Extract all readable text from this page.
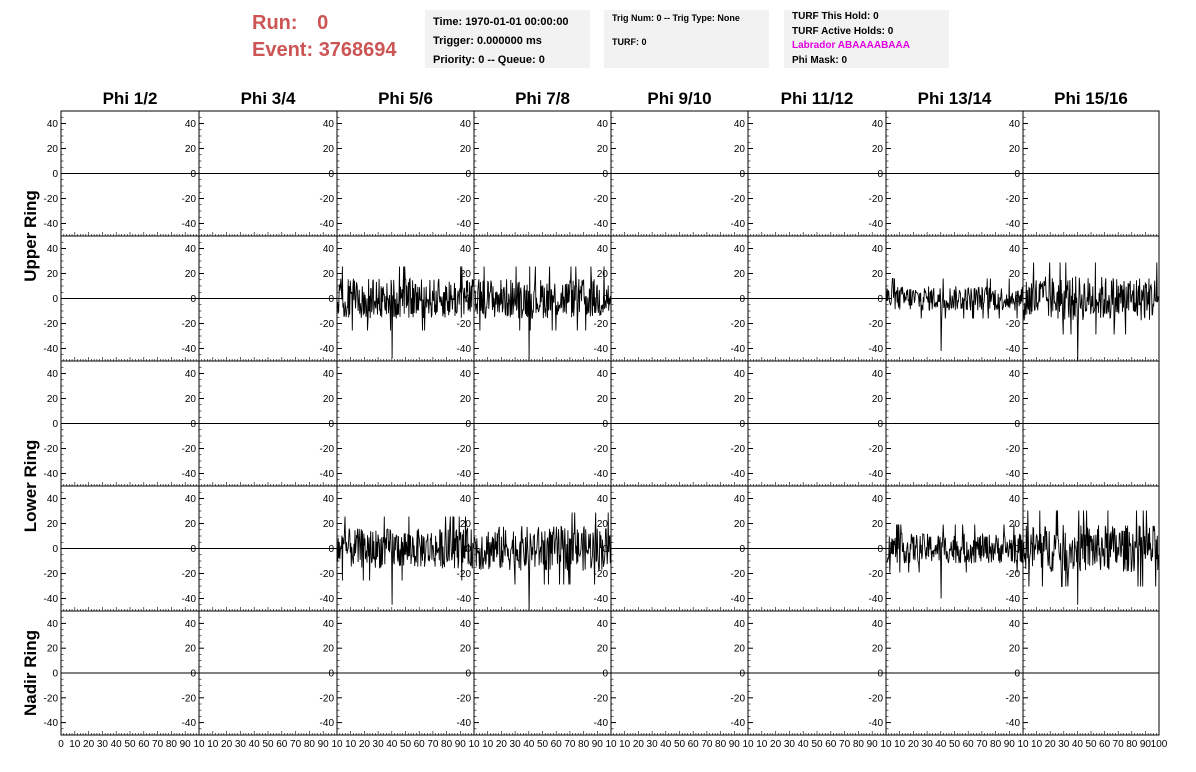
Run: 0
Event: 3768694
Time: 1970-01-01 00:00:00
Trigger: 0.000000 ms
Priority: 0 -- Queue: 0
Trig Num: 0 -- Trig Type: None
TURF: 0
TURF This Hold: 0
TURF Active Holds: 0
Labrador ABAAAABAAA
Phi Mask: 0
Phi 1/2	Phi 3/4	Phi 5/6	Phi 7/8	Phi 9/10	Phi 11/12	Phi 13/14	Phi 15/16
Upper Ring
Lower Ring
Nadir Ring
-40
-20
0
20
40
-40
-20
0
20
40
-40
-20
0
20
40
-40
-20
0
20
40
-40
-20
0
20
40
-40
-20
0
20
40
-40
-20
0
20
40
-40
-20
0
20
40
-40
-20
0
20
40
-40
-20
0
20
40
-40
-20
0
20
40
-40
-20
0
20
40
-40
-20
0
20
40
-40
-20
0
20
40
-40
-20
0
20
40
-40
-20
0
20
40
-40
-20
0
20
40
-40
-20
0
20
40
-40
-20
0
20
40
-40
-20
0
20
40
-40
-20
0
20
40
-40
-20
0
20
40
-40
-20
0
20
40
-40
-20
0
20
40
-40
-20
0
20
40
-40
-20
0
20
40
-40
-20
0
20
40
-40
-20
0
20
40
-40
-20
0
20
40
-40
-20
0
20
40
-40
-20
0
20
40
-40
-20
0
20
40
-40
-20
0
20
40
0 10 20 30 40 50 60 70 80 90 10
-40
-20
0
20
40
10 20 30 40 50 60 70 80 90 10
-40
-20
0
20
40
10 20 30 40 50 60 70 80 90 10
-40
-20
0
20
40
10 20 30 40 50 60 70 80 90 10
-40
-20
0
20
40
10 20 30 40 50 60 70 80 90 10
-40
-20
0
20
40
10 20 30 40 50 60 70 80 90 10
-40
-20
0
20
40
10 20 30 40 50 60 70 80 90 10
-40
-20
0
20
40
10 20 30 40 50 60 70 80 90 100
